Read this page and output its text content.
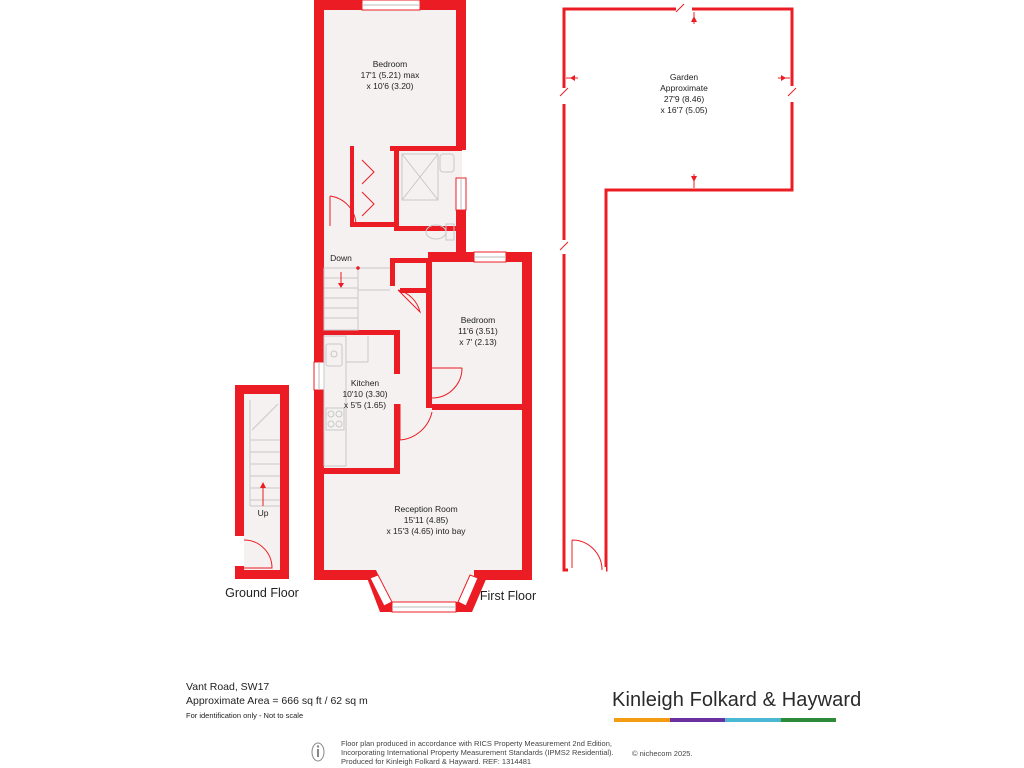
Bedroom
17'1 (5.21) max
x 10'6 (3.20)
Down
Bedroom
11'6 (3.51)
x 7' (2.13)
Kitchen
10'10 (3.30)
x 5'5 (1.65)
Reception Room
15'11 (4.85)
x 15'3 (4.65) into bay
Garden
Approximate
27'9 (8.46)
x 16'7 (5.05)
Up
Ground Floor	First Floor
Vant Road, SW17
Approximate Area = 666 sq ft / 62 sq m
For identification only - Not to scale
Kinleigh Folkard & Hayward
Floor plan produced in accordance with RICS Property Measurement 2nd Edition,
Incorporating International Property Measurement Standards (IPMS2 Residential).
Produced for Kinleigh Folkard & Hayward. REF: 1314481
© nichecom 2025.
